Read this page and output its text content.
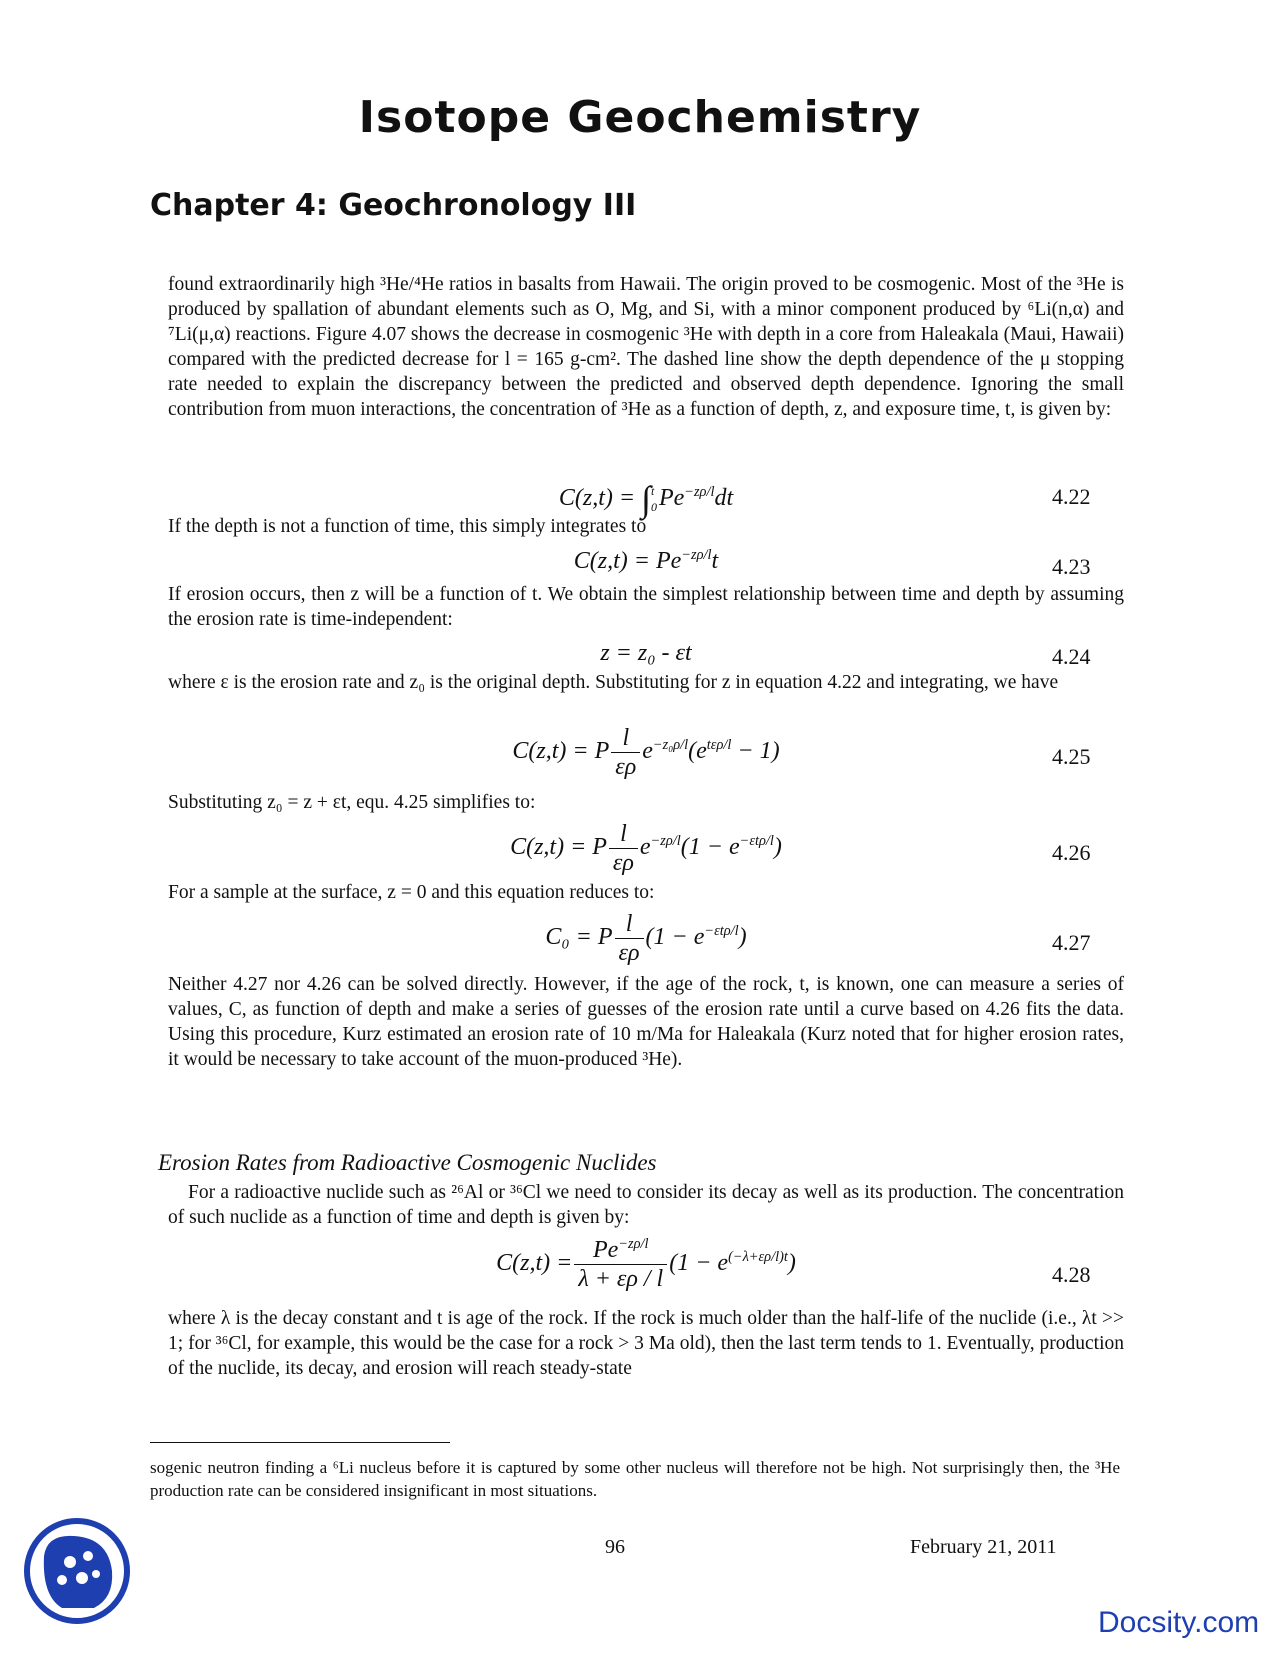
Isotope Geochemistry
Chapter 4: Geochronology III
found extraordinarily high ³He/⁴He ratios in basalts from Hawaii. The origin proved to be cosmogenic. Most of the ³He is produced by spallation of abundant elements such as O, Mg, and Si, with a minor component produced by ⁶Li(n,α) and ⁷Li(μ,α) reactions. Figure 4.07 shows the decrease in cosmogenic ³He with depth in a core from Haleakala (Maui, Hawaii) compared with the predicted decrease for l = 165 g-cm². The dashed line show the depth dependence of the μ stopping rate needed to explain the discrepancy between the predicted and observed depth dependence. Ignoring the small contribution from muon interactions, the concentration of ³He as a function of depth, z, and exposure time, t, is given by:
C(z,t) = ∫ t
0 $Pe^{-z\rho/l}dt$	4.22
If the depth is not a function of time, this simply integrates to
$C(z,t) = Pe^{-z\rho/l}t$	4.23
If erosion occurs, then z will be a function of t. We obtain the simplest relationship between time and depth by assuming the erosion rate is time-independent:
z = z₀ - εt	4.24
where ε is the erosion rate and z₀ is the original depth. Substituting for z in equation 4.22 and integrating, we have
C(z,t) = P $\frac{l}{\varepsilon\rho} e^{-z_0\rho/l}(e^{t\varepsilon\rho/l} - 1)$	4.25
Substituting z₀ = z + εt, equ. 4.25 simplifies to:
C(z,t) = P $\frac{l}{\varepsilon\rho} e^{-z\rho/l}(1 - e^{-\varepsilon t\rho/l})$	4.26
For a sample at the surface, z = 0 and this equation reduces to:
C₀ = P $\frac{l}{\varepsilon\rho} (1 - e^{-\varepsilon t\rho/l})$	4.27
Neither 4.27 nor 4.26 can be solved directly. However, if the age of the rock, t, is known, one can measure a series of values, C, as function of depth and make a series of guesses of the erosion rate until a curve based on 4.26 fits the data. Using this procedure, Kurz estimated an erosion rate of 10 m/Ma for Haleakala (Kurz noted that for higher erosion rates, it would be necessary to take account of the muon-produced ³He).
Erosion Rates from Radioactive Cosmogenic Nuclides
For a radioactive nuclide such as ²⁶Al or ³⁶Cl we need to consider its decay as well as its production. The concentration of such nuclide as a function of time and depth is given by:
$C(z,t) = \frac{Pe^{-z\rho/l}}{\lambda + \varepsilon\rho / l} (1 - e^{(-\lambda+\varepsilon\rho/l)t})$	4.28
where λ is the decay constant and t is age of the rock. If the rock is much older than the half-life of the nuclide (i.e., λt >> 1; for ³⁶Cl, for example, this would be the case for a rock > 3 Ma old), then the last term tends to 1. Eventually, production of the nuclide, its decay, and erosion will reach steady-state
sogenic neutron finding a ⁶Li nucleus before it is captured by some other nucleus will therefore not be high. Not surprisingly then, the ³He production rate can be considered insignificant in most situations.
96	February 21, 2011
Docsity.com
